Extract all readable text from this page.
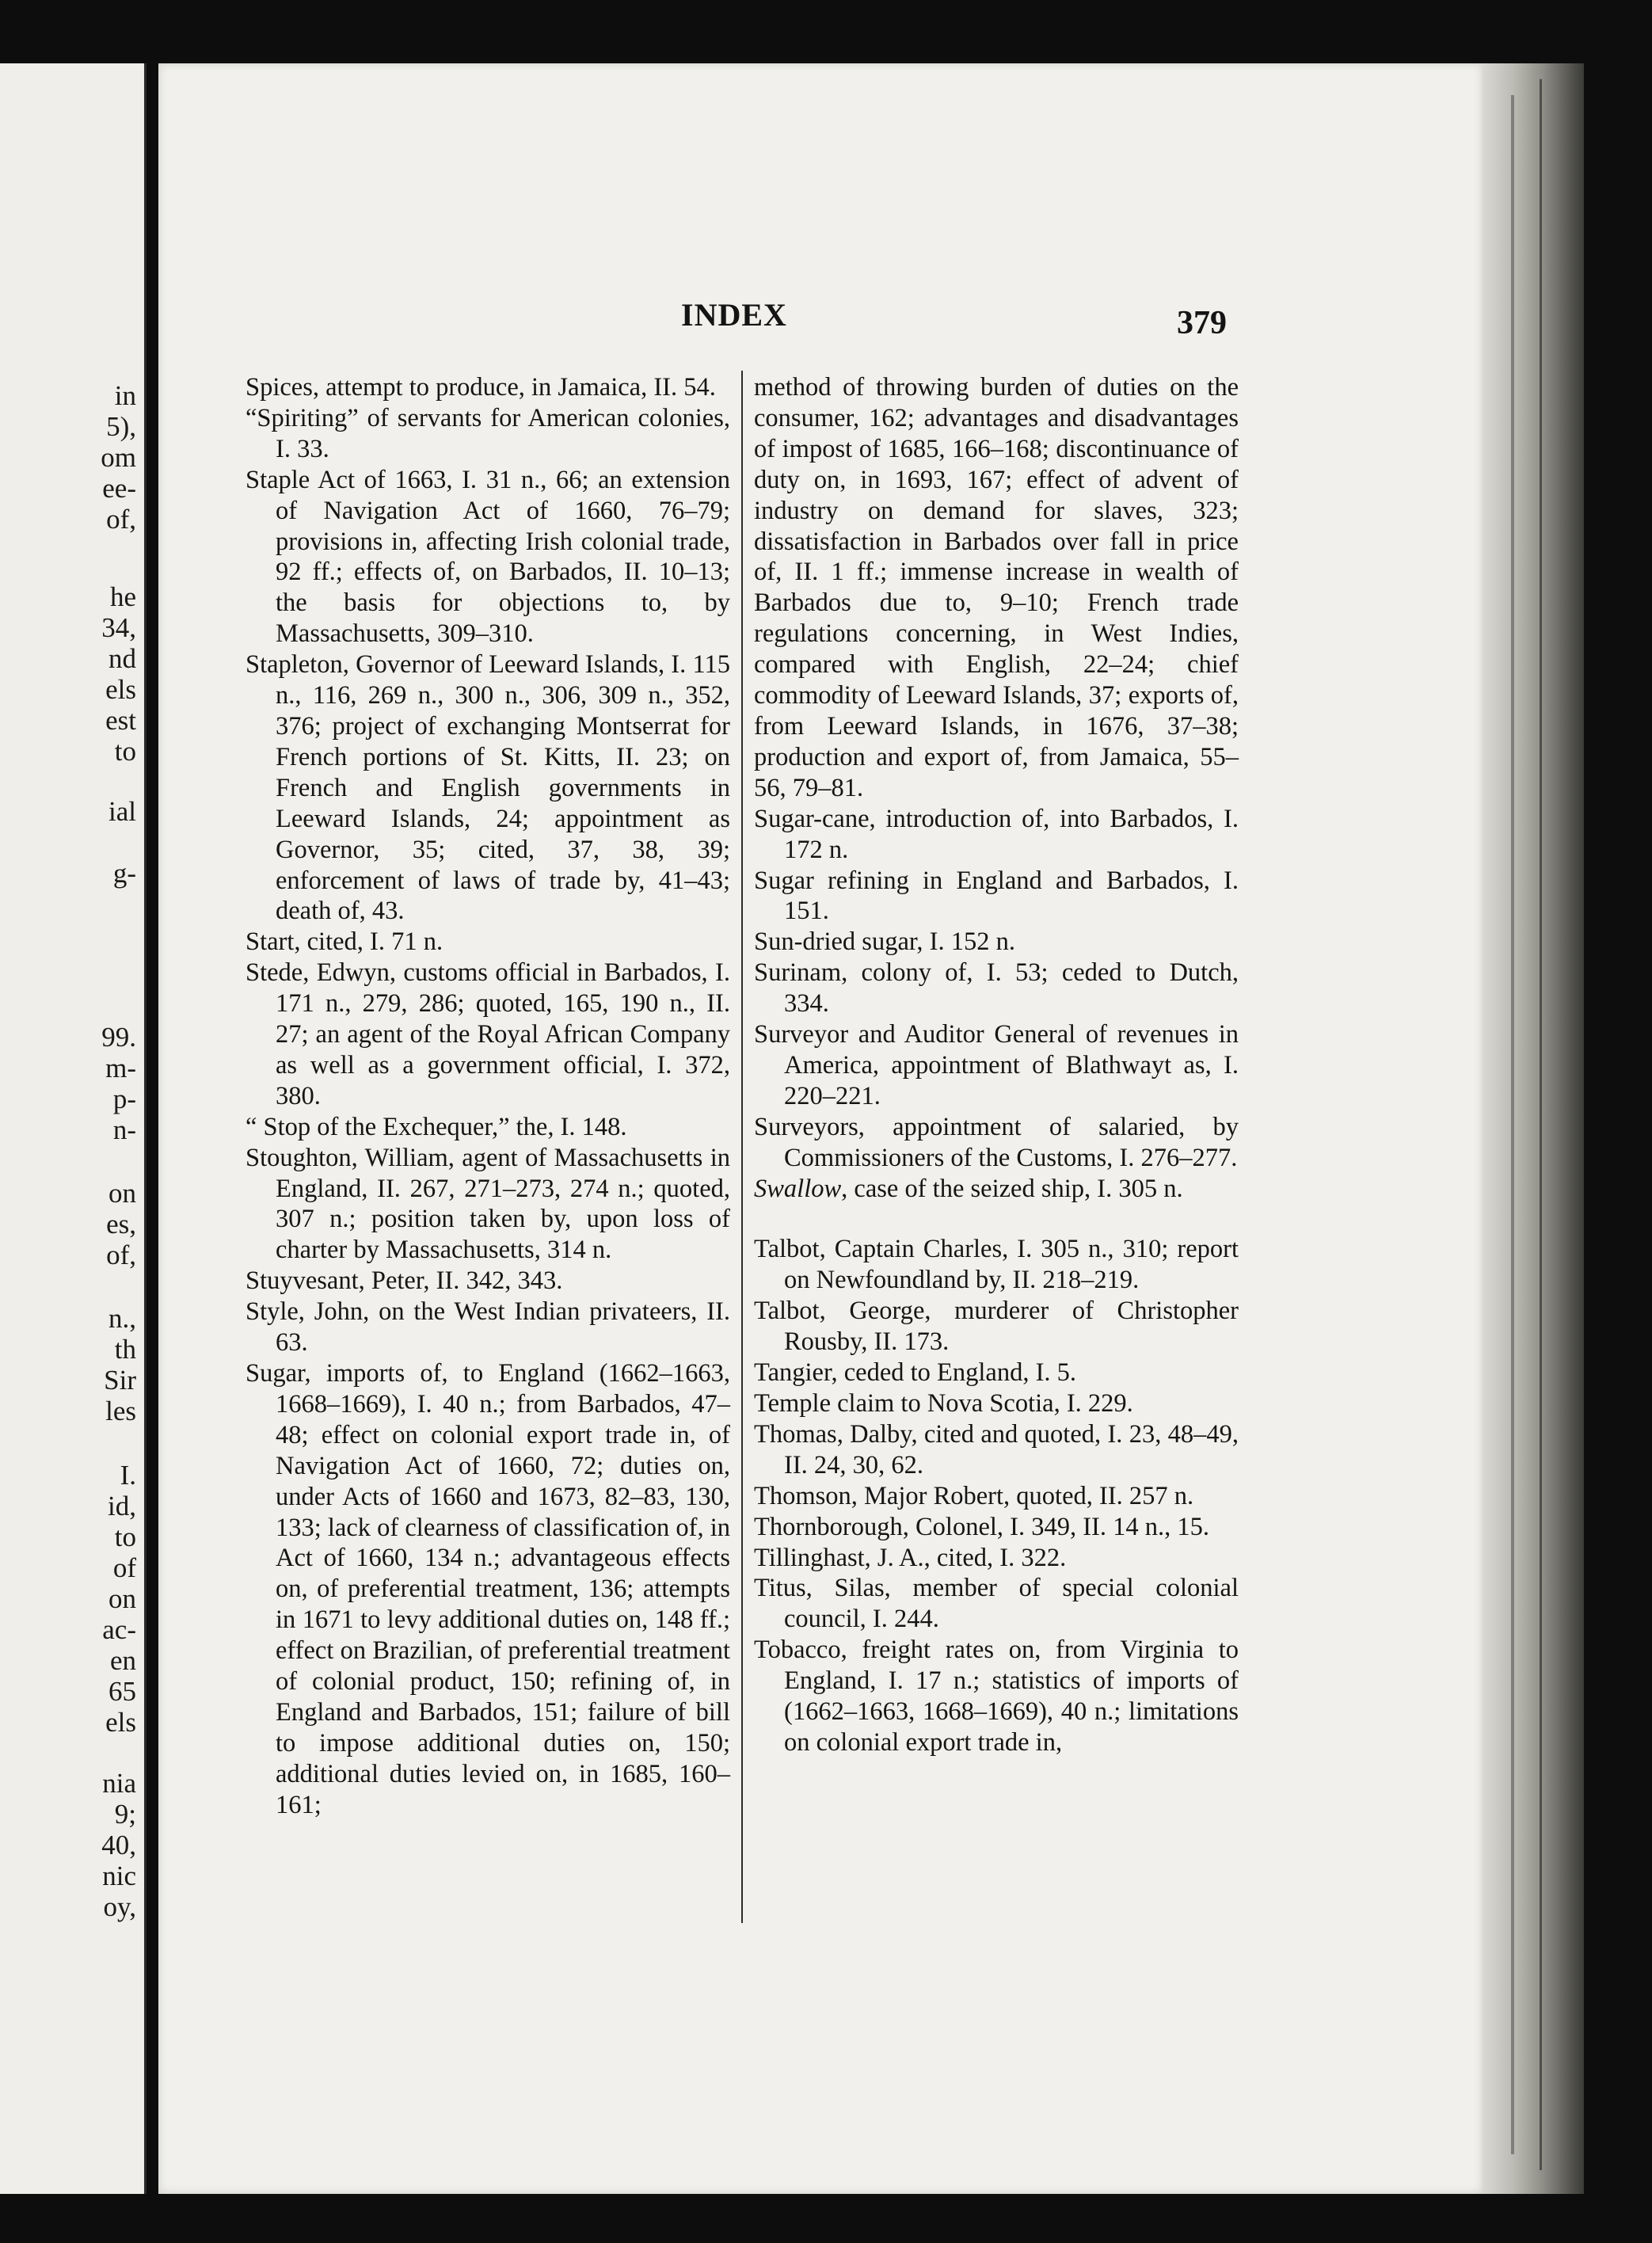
in
5),
om
ee-
of,
he
34,
nd
els
est
to
ial
g-
99.
m-
p-
n-
on
es,
of,
n.,
th
Sir
les
I.
id,
to
of
on
ac-
en
65
els
nia
9;
40,
nic
oy,
INDEX	379

Spices, attempt to produce, in Jamaica, II. 54.

“Spiriting” of servants for American colonies, I. 33.

Staple Act of 1663, I. 31 n., 66; an extension of Navigation Act of 1660, 76–79; provisions in, affecting Irish colonial trade, 92 ff.; effects of, on Barbados, II. 10–13; the basis for objections to, by Massachusetts, 309–310.

Stapleton, Governor of Leeward Islands, I. 115 n., 116, 269 n., 300 n., 306, 309 n., 352, 376; project of exchanging Montserrat for French portions of St. Kitts, II. 23; on French and English governments in Leeward Islands, 24; appointment as Governor, 35; cited, 37, 38, 39; enforcement of laws of trade by, 41–43; death of, 43.

Start, cited, I. 71 n.

Stede, Edwyn, customs official in Barbados, I. 171 n., 279, 286; quoted, 165, 190 n., II. 27; an agent of the Royal African Company as well as a government official, I. 372, 380.

“ Stop of the Exchequer,” the, I. 148.

Stoughton, William, agent of Massachusetts in England, II. 267, 271–273, 274 n.; quoted, 307 n.; position taken by, upon loss of charter by Massachusetts, 314 n.

Stuyvesant, Peter, II. 342, 343.

Style, John, on the West Indian privateers, II. 63.

Sugar, imports of, to England (1662–1663, 1668–1669), I. 40 n.; from Barbados, 47–48; effect on colonial export trade in, of Navigation Act of 1660, 72; duties on, under Acts of 1660 and 1673, 82–83, 130, 133; lack of clearness of classification of, in Act of 1660, 134 n.; advantageous effects on, of preferential treatment, 136; attempts in 1671 to levy additional duties on, 148 ff.; effect on Brazilian, of preferential treatment of colonial product, 150; refining of, in England and Barbados, 151; failure of bill to impose additional duties on, 150; additional duties levied on, in 1685, 160–161;

method of throwing burden of duties on the consumer, 162; advantages and disadvantages of impost of 1685, 166–168; discontinuance of duty on, in 1693, 167; effect of advent of industry on demand for slaves, 323; dissatisfaction in Barbados over fall in price of, II. 1 ff.; immense increase in wealth of Barbados due to, 9–10; French trade regulations concerning, in West Indies, compared with English, 22–24; chief commodity of Leeward Islands, 37; exports of, from Leeward Islands, in 1676, 37–38; production and export of, from Jamaica, 55–56, 79–81.

Sugar-cane, introduction of, into Barbados, I. 172 n.

Sugar refining in England and Barbados, I. 151.

Sun-dried sugar, I. 152 n.

Surinam, colony of, I. 53; ceded to Dutch, 334.

Surveyor and Auditor General of revenues in America, appointment of Blathwayt as, I. 220–221.

Surveyors, appointment of salaried, by Commissioners of the Customs, I. 276–277.

Swallow, case of the seized ship, I. 305 n.

Talbot, Captain Charles, I. 305 n., 310; report on Newfoundland by, II. 218–219.

Talbot, George, murderer of Christopher Rousby, II. 173.

Tangier, ceded to England, I. 5.

Temple claim to Nova Scotia, I. 229.

Thomas, Dalby, cited and quoted, I. 23, 48–49, II. 24, 30, 62.

Thomson, Major Robert, quoted, II. 257 n.

Thornborough, Colonel, I. 349, II. 14 n., 15.

Tillinghast, J. A., cited, I. 322.

Titus, Silas, member of special colonial council, I. 244.

Tobacco, freight rates on, from Virginia to England, I. 17 n.; statistics of imports of (1662–1663, 1668–1669), 40 n.; limitations on colonial export trade in,
